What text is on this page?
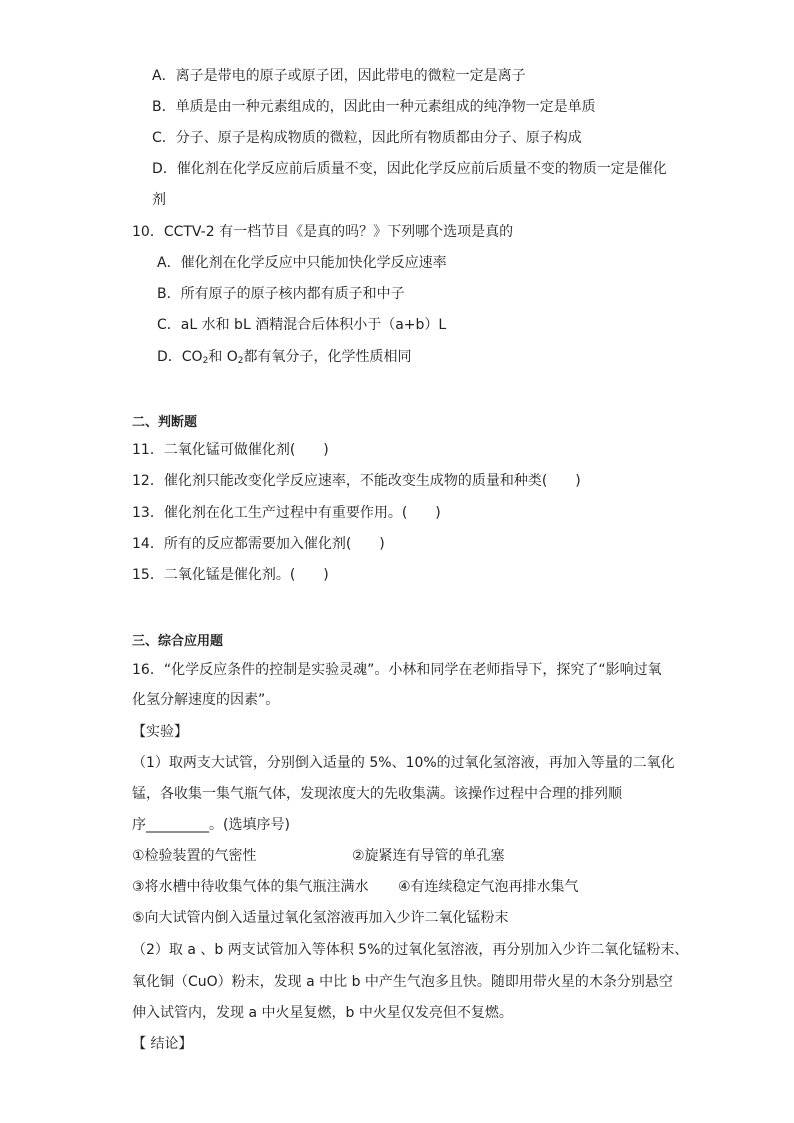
A．离子是带电的原子或原子团，因此带电的微粒一定是离子
B．单质是由一种元素组成的，因此由一种元素组成的纯净物一定是单质
C．分子、原子是构成物质的微粒，因此所有物质都由分子、原子构成
D．催化剂在化学反应前后质量不变，因此化学反应前后质量不变的物质一定是催化
剂
10．CCTV-2 有一档节目《是真的吗？》下列哪个选项是真的
A．催化剂在化学反应中只能加快化学反应速率
B．所有原子的原子核内都有质子和中子
C．aL 水和 bL 酒精混合后体积小于（a+b）L
D．$CO_2$和 $O_2$都有氧分子，化学性质相同
二、判断题
11．二氧化锰可做催化剂(　　)
12．催化剂只能改变化学反应速率，不能改变生成物的质量和种类(　　)
13．催化剂在化工生产过程中有重要作用。(　　)
14．所有的反应都需要加入催化剂(　　)
15．二氧化锰是催化剂。(　　)
三、综合应用题
16．“化学反应条件的控制是实验灵魂”。小林和同学在老师指导下，探究了“影响过氧
化氢分解速度的因素”。
【实验】
（1）取两支大试管，分别倒入适量的 5%、10%的过氧化氢溶液，再加入等量的二氧化
锰，各收集一集气瓶气体，发现浓度大的先收集满。该操作过程中合理的排列顺
序_________。(选填序号)
①检验装置的气密性	②旋紧连有导管的单孔塞
③将水槽中待收集气体的集气瓶注满水 ④有连续稳定气泡再排水集气
⑤向大试管内倒入适量过氧化氢溶液再加入少许二氧化锰粉末
（2）取 a 、b 两支试管加入等体积 5%的过氧化氢溶液，再分别加入少许二氧化锰粉末、
氧化铜（CuO）粉末，发现 a 中比 b 中产生气泡多且快。随即用带火星的木条分别悬空
伸入试管内，发现 a 中火星复燃，b 中火星仅发亮但不复燃。
【 结论】
